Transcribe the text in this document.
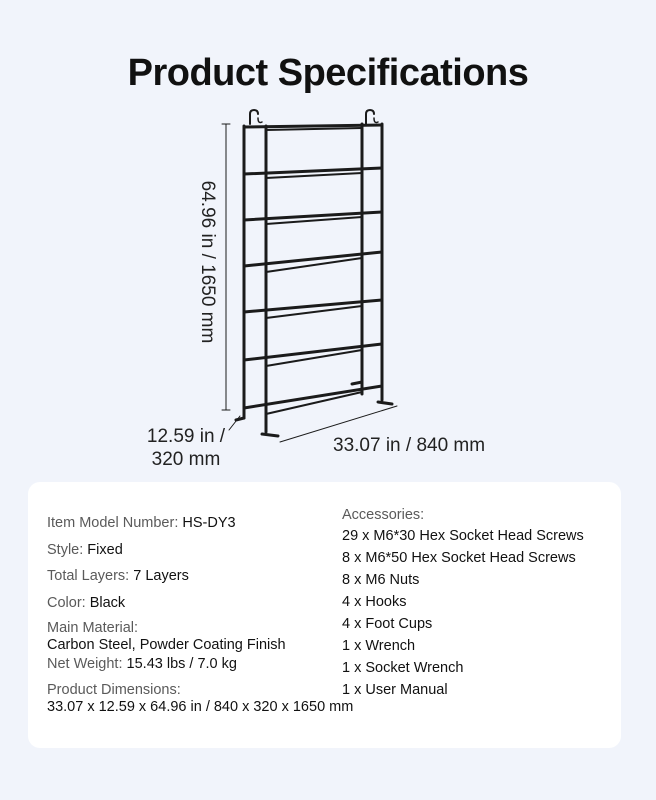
Product Specifications
64.96 in / 1650 mm
12.59 in / 320 mm
33.07 in / 840 mm
Item Model Number: HS-DY3
Style: Fixed
Total Layers: 7 Layers
Color: Black
Main Material:
Carbon Steel, Powder Coating Finish
Net Weight: 15.43 lbs / 7.0 kg
Product Dimensions:
33.07 x 12.59 x 64.96 in / 840 x 320 x 1650 mm
Accessories:
29 x M6*30 Hex Socket Head Screws
8 x M6*50 Hex Socket Head Screws
8 x M6 Nuts
4 x Hooks
4 x Foot Cups
1 x Wrench
1 x Socket Wrench
1 x User Manual
